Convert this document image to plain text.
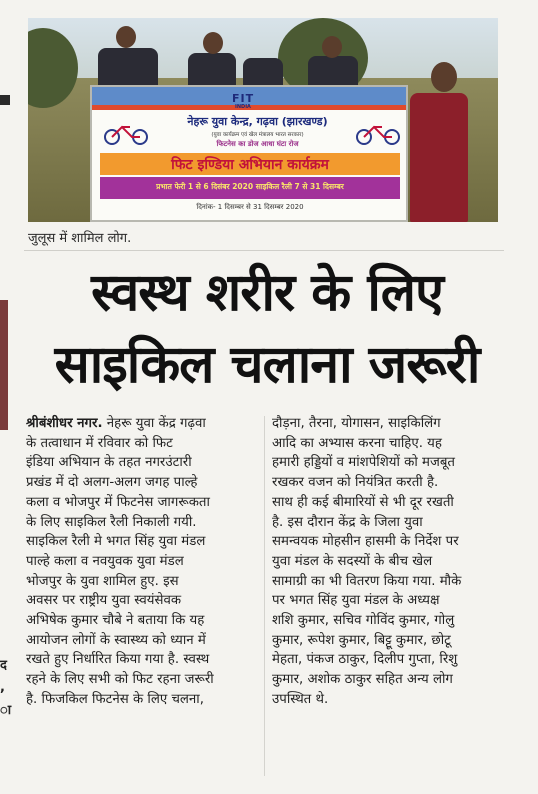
द
,
ा
FIT
INDIA
नेहरू युवा केन्द्र, गढ़वा (झारखण्ड)
(युवा कार्यक्रम एवं खेल मंत्रालय भारत सरकार)
फिटनेस का डोज आधा घंटा रोज
फिट इण्डिया अभियान कार्यक्रम
प्रभात फेरी 1 से 6 दिसंबर 2020 साइकिल रैली 7 से 31 दिसम्बर
दिनांक- 1 दिसम्बर से 31 दिसम्बर 2020
जुलूस में शामिल लोग.
स्वस्थ शरीर के लिए
साइकिल चलाना जरूरी

श्रीबंशीधर नगर. नेहरू युवा केंद्र गढ़वा

के तत्वाधान में रविवार को फिट

इंडिया अभियान के तहत नगरउंटारी

प्रखंड में दो अलग-अलग जगह पाल्हे

कला व भोजपुर में फिटनेस जागरूकता

के लिए साइकिल रैली निकाली गयी.

साइकिल रैली मे भगत सिंह युवा मंडल

पाल्हे कला व नवयुवक युवा मंडल

भोजपुर के युवा शामिल हुए. इस

अवसर पर राष्ट्रीय युवा स्वयंसेवक

अभिषेक कुमार चौबे ने बताया कि यह

आयोजन लोगों के स्वास्थ्य को ध्यान में

रखते हुए निर्धारित किया गया है. स्वस्थ

रहने के लिए सभी को फिट रहना जरूरी

है. फिजकिल फिटनेस के लिए चलना,

दौड़ना, तैरना, योगासन, साइकिलिंग

आदि का अभ्यास करना चाहिए. यह

हमारी हड्डियों व मांशपेशियों को मजबूत

रखकर वजन को नियंत्रित करती है.

साथ ही कई बीमारियों से भी दूर रखती

है. इस दौरान केंद्र के जिला युवा

समन्वयक मोहसीन हासमी के निर्देश पर

युवा मंडल के सदस्यों के बीच खेल

सामाग्री का भी वितरण किया गया. मौके

पर भगत सिंह युवा मंडल के अध्यक्ष

शशि कुमार, सचिव गोविंद कुमार, गोलु

कुमार, रूपेश कुमार, बिट्टू कुमार, छोटू

मेहता, पंकज ठाकुर, दिलीप गुप्ता, रिशु

कुमार, अशोक ठाकुर सहित अन्य लोग

उपस्थित थे.
